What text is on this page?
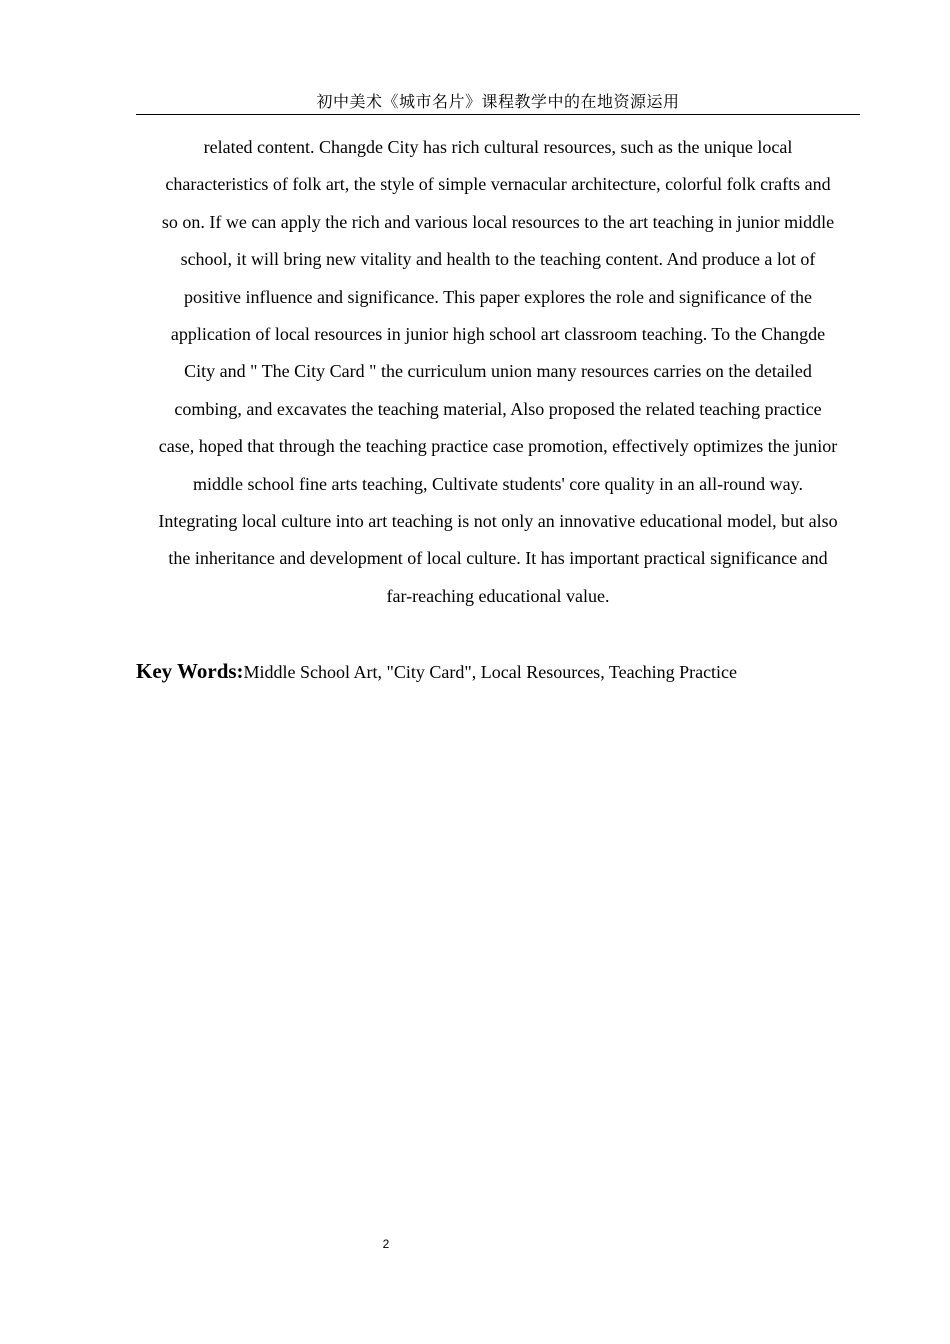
初中美术《城市名片》课程教学中的在地资源运用
related content. Changde City has rich cultural resources, such as the unique local
characteristics of folk art, the style of simple vernacular architecture, colorful folk crafts and
so on. If we can apply the rich and various local resources to the art teaching in junior middle
school, it will bring new vitality and health to the teaching content. And produce a lot of
positive influence and significance. This paper explores the role and significance of the
application of local resources in junior high school art classroom teaching. To the Changde
City and " The City Card " the curriculum union many resources carries on the detailed
combing, and excavates the teaching material, Also proposed the related teaching practice
case, hoped that through the teaching practice case promotion, effectively optimizes the junior
middle school fine arts teaching, Cultivate students' core quality in an all-round way.
Integrating local culture into art teaching is not only an innovative educational model, but also
the inheritance and development of local culture. It has important practical significance and
far-reaching educational value.

Key Words:Middle School Art, "City Card", Local Resources, Teaching Practice

2
